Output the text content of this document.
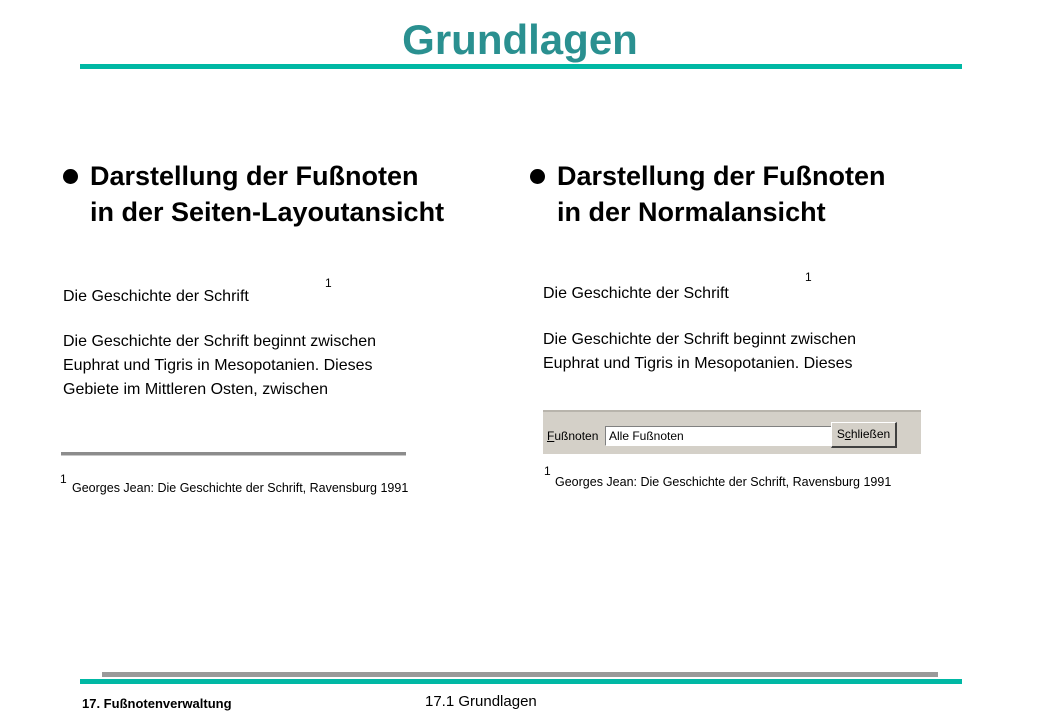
Grundlagen
Darstellung der Fußnoten
in der Seiten-Layoutansicht
1
Die Geschichte der Schrift
Die Geschichte der Schrift beginnt zwischen
Euphrat und Tigris in Mesopotanien. Dieses
Gebiete im Mittleren Osten, zwischen
1
Georges Jean: Die Geschichte der Schrift, Ravensburg 1991
Darstellung der Fußnoten
in der Normalansicht
1
Die Geschichte der Schrift
Die Geschichte der Schrift beginnt zwischen
Euphrat und Tigris in Mesopotanien. Dieses
Fußnoten Alle Fußnoten	Schließen
1
Georges Jean: Die Geschichte der Schrift, Ravensburg 1991
17. Fußnotenverwaltung	17.1 Grundlagen
